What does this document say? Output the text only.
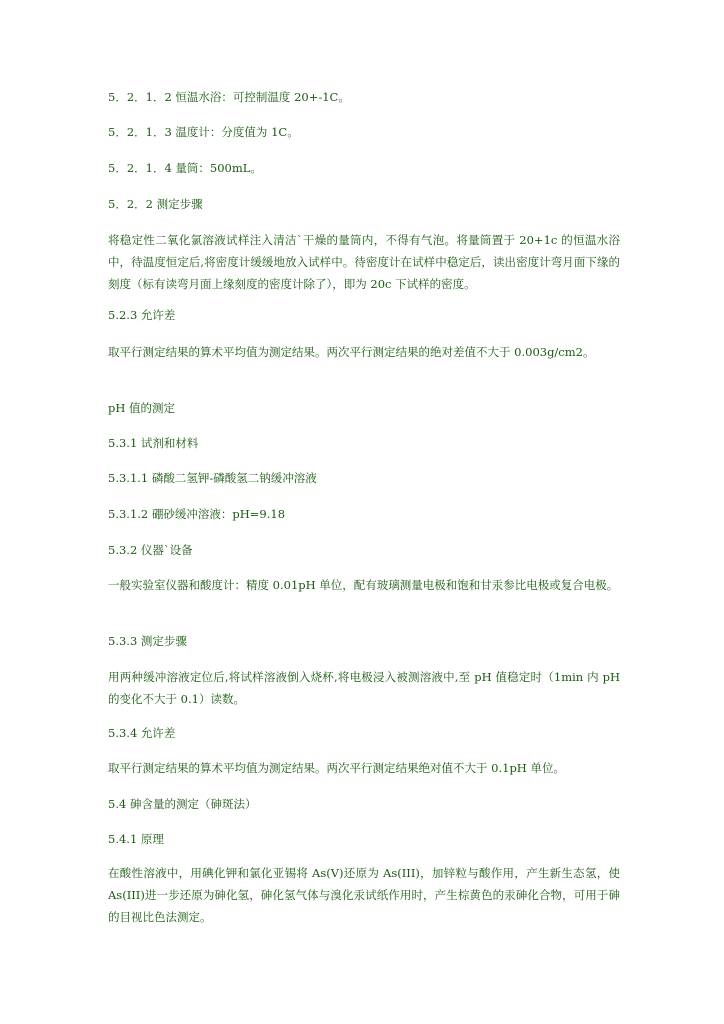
5．2．1．2 恒温水浴：可控制温度 20+-1C。

5．2．1．3 温度计：分度值为 1C。

5．2．1．4 量筒：500mL。

5．2．2 测定步骤

将稳定性二氧化氯溶液试样注入清洁`干燥的量筒内，不得有气泡。将量筒置于 20+1c 的恒温水浴中，待温度恒定后,将密度计缓缓地放入试样中。待密度计在试样中稳定后，读出密度计弯月面下缘的刻度（标有读弯月面上缘刻度的密度计除了），即为 20c 下试样的密度。

5.2.3 允许差

取平行测定结果的算术平均值为测定结果。两次平行测定结果的绝对差值不大于 0.003g/cm2。

pH 值的测定

5.3.1 试剂和材料

5.3.1.1 磷酸二氢钾-磷酸氢二钠缓冲溶液

5.3.1.2 硼砂缓冲溶液：pH=9.18

5.3.2 仪器`设备

一般实验室仪器和酸度计：精度 0.01pH 单位，配有玻璃测量电极和饱和甘汞参比电极或复合电极。

5.3.3 测定步骤

用两种缓冲溶液定位后,将试样溶液倒入烧杯,将电极浸入被测溶液中,至 pH 值稳定时（1min 内 pH 的变化不大于 0.1）读数。

5.3.4 允许差

取平行测定结果的算术平均值为测定结果。两次平行测定结果绝对值不大于 0.1pH 单位。

5.4 砷含量的测定（砷斑法）

5.4.1 原理

在酸性溶液中，用碘化钾和氯化亚锡将 As(V)还原为 As(III)，加锌粒与酸作用，产生新生态氢，使 As(III)进一步还原为砷化氢，砷化氢气体与溴化汞试纸作用时，产生棕黄色的汞砷化合物，可用于砷的目视比色法测定。
